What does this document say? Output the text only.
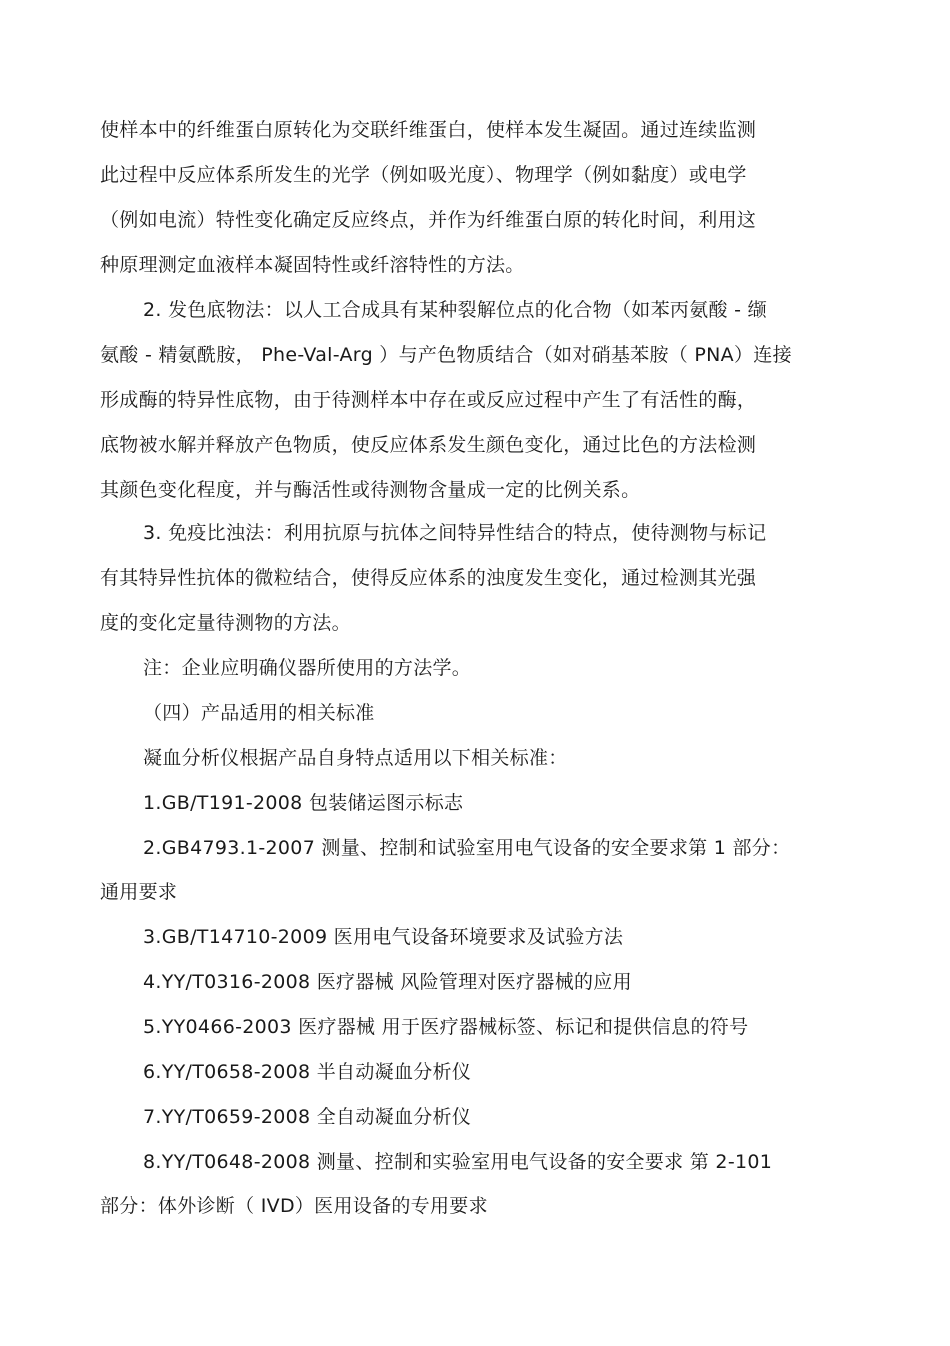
使样本中的纤维蛋白原转化为交联纤维蛋白，使样本发生凝固。通过连续监测
此过程中反应体系所发生的光学（例如吸光度）、物理学（例如黏度）或电学
（例如电流）特性变化确定反应终点，并作为纤维蛋白原的转化时间，利用这
种原理测定血液样本凝固特性或纤溶特性的方法。
2. 发色底物法：以人工合成具有某种裂解位点的化合物（如苯丙氨酸 - 缬
氨酸 - 精氨酰胺， Phe-Val-Arg ）与产色物质结合（如对硝基苯胺（ PNA）连接
形成酶的特异性底物，由于待测样本中存在或反应过程中产生了有活性的酶，
底物被水解并释放产色物质，使反应体系发生颜色变化，通过比色的方法检测
其颜色变化程度，并与酶活性或待测物含量成一定的比例关系。
3. 免疫比浊法：利用抗原与抗体之间特异性结合的特点，使待测物与标记
有其特异性抗体的微粒结合，使得反应体系的浊度发生变化，通过检测其光强
度的变化定量待测物的方法。
注：企业应明确仪器所使用的方法学。
（四）产品适用的相关标准
凝血分析仪根据产品自身特点适用以下相关标准：
1.GB/T191-2008 包装储运图示标志
2.GB4793.1-2007 测量、控制和试验室用电气设备的安全要求第 1 部分：
通用要求
3.GB/T14710-2009 医用电气设备环境要求及试验方法
4.YY/T0316-2008 医疗器械 风险管理对医疗器械的应用
5.YY0466-2003 医疗器械 用于医疗器械标签、标记和提供信息的符号
6.YY/T0658-2008 半自动凝血分析仪
7.YY/T0659-2008 全自动凝血分析仪
8.YY/T0648-2008 测量、控制和实验室用电气设备的安全要求 第 2-101
部分：体外诊断（ IVD）医用设备的专用要求
